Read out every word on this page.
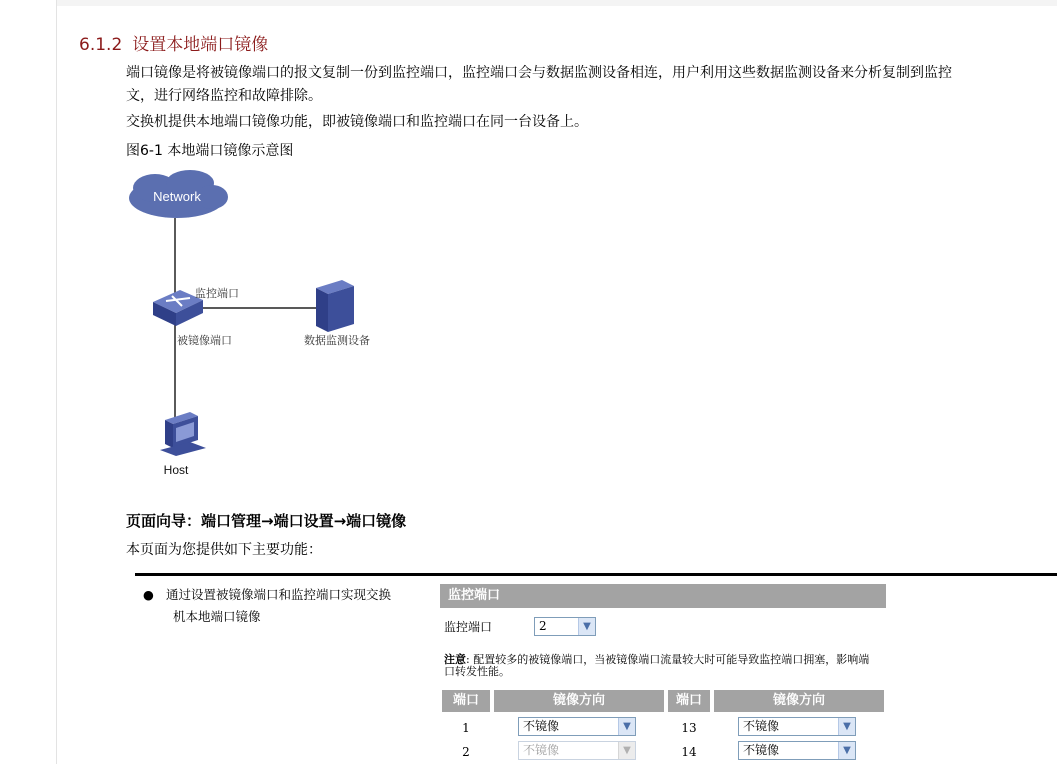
6.1.2 设置本地端口镜像
端口镜像是将被镜像端口的报文复制一份到监控端口，监控端口会与数据监测设备相连，用户利用这些数据监测设备来分析复制到监控
文，进行网络监控和故障排除。
交换机提供本地端口镜像功能，即被镜像端口和监控端口在同一台设备上。
图6-1 本地端口镜像示意图
Network
监控端口
被镜像端口	数据监测设备
Host
页面向导：端口管理→端口设置→端口镜像
本页面为您提供如下主要功能：
● 通过设置被镜像端口和监控端口实现交换
机本地端口镜像
监控端口
监控端口	2	▼
注意: 配置较多的被镜像端口，当被镜像端口流量较大时可能导致监控端口拥塞，影响端
口转发性能。
端口	镜像方向	端口	镜像方向
1	不镜像	▼	13	不镜像	▼
2	不镜像	▼	14	不镜像	▼
